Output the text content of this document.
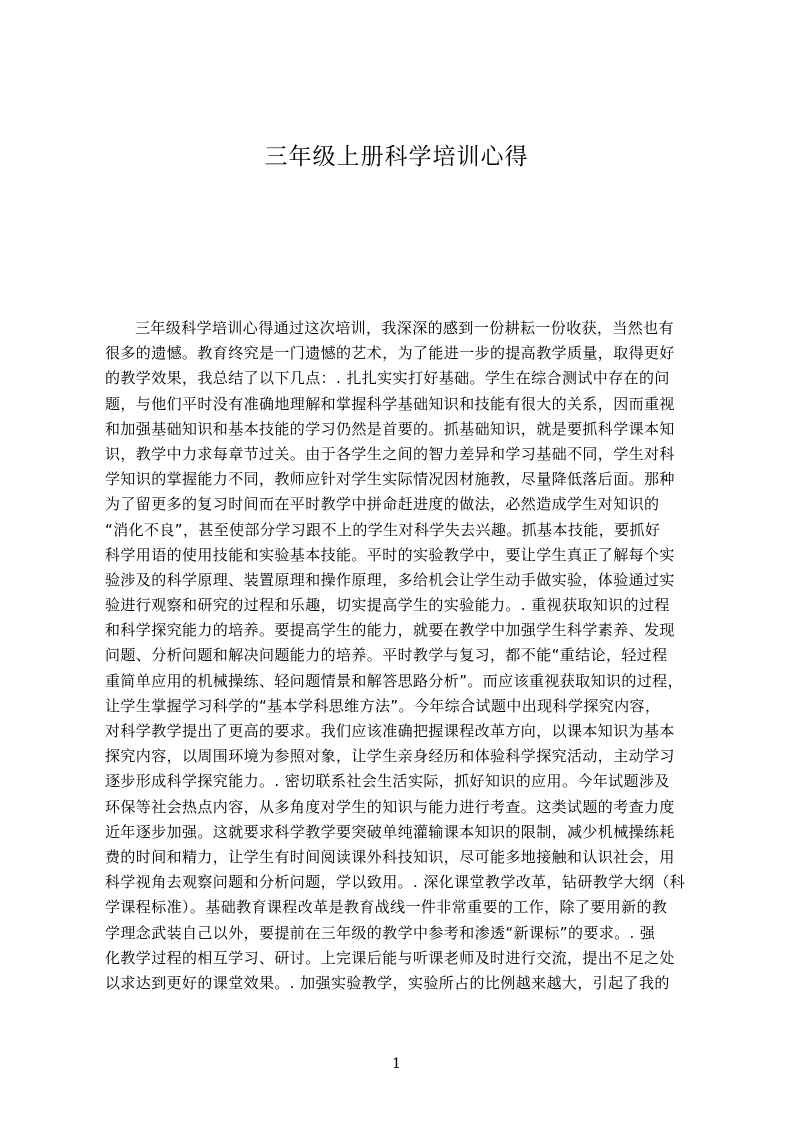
三年级上册科学培训心得
三年级科学培训心得通过这次培训，我深深的感到一份耕耘一份收获，当然也有
很多的遗憾。教育终究是一门遗憾的艺术，为了能进一步的提高教学质量，取得更好
的教学效果，我总结了以下几点：. 扎扎实实打好基础。学生在综合测试中存在的问
题，与他们平时没有准确地理解和掌握科学基础知识和技能有很大的关系，因而重视
和加强基础知识和基本技能的学习仍然是首要的。抓基础知识，就是要抓科学课本知
识，教学中力求每章节过关。由于各学生之间的智力差异和学习基础不同，学生对科
学知识的掌握能力不同，教师应针对学生实际情况因材施教，尽量降低落后面。那种
为了留更多的复习时间而在平时教学中拼命赶进度的做法，必然造成学生对知识的
“消化不良”，甚至使部分学习跟不上的学生对科学失去兴趣。抓基本技能，要抓好
科学用语的使用技能和实验基本技能。平时的实验教学中，要让学生真正了解每个实
验涉及的科学原理、装置原理和操作原理，多给机会让学生动手做实验，体验通过实
验进行观察和研究的过程和乐趣，切实提高学生的实验能力。. 重视获取知识的过程
和科学探究能力的培养。要提高学生的能力，就要在教学中加强学生科学素养、发现
问题、分析问题和解决问题能力的培养。平时教学与复习，都不能“重结论，轻过程
重简单应用的机械操练、轻问题情景和解答思路分析”。而应该重视获取知识的过程，
让学生掌握学习科学的“基本学科思维方法”。今年综合试题中出现科学探究内容，
对科学教学提出了更高的要求。我们应该准确把握课程改革方向，以课本知识为基本
探究内容，以周围环境为参照对象，让学生亲身经历和体验科学探究活动，主动学习
逐步形成科学探究能力。. 密切联系社会生活实际，抓好知识的应用。今年试题涉及
环保等社会热点内容，从多角度对学生的知识与能力进行考查。这类试题的考查力度
近年逐步加强。这就要求科学教学要突破单纯灌输课本知识的限制，减少机械操练耗
费的时间和精力，让学生有时间阅读课外科技知识，尽可能多地接触和认识社会，用
科学视角去观察问题和分析问题，学以致用。. 深化课堂教学改革，钻研教学大纲（科
学课程标准）。基础教育课程改革是教育战线一件非常重要的工作，除了要用新的教
学理念武装自己以外，要提前在三年级的教学中参考和渗透“新课标”的要求。. 强
化教学过程的相互学习、研讨。上完课后能与听课老师及时进行交流，提出不足之处
以求达到更好的课堂效果。. 加强实验教学，实验所占的比例越来越大，引起了我的
1
